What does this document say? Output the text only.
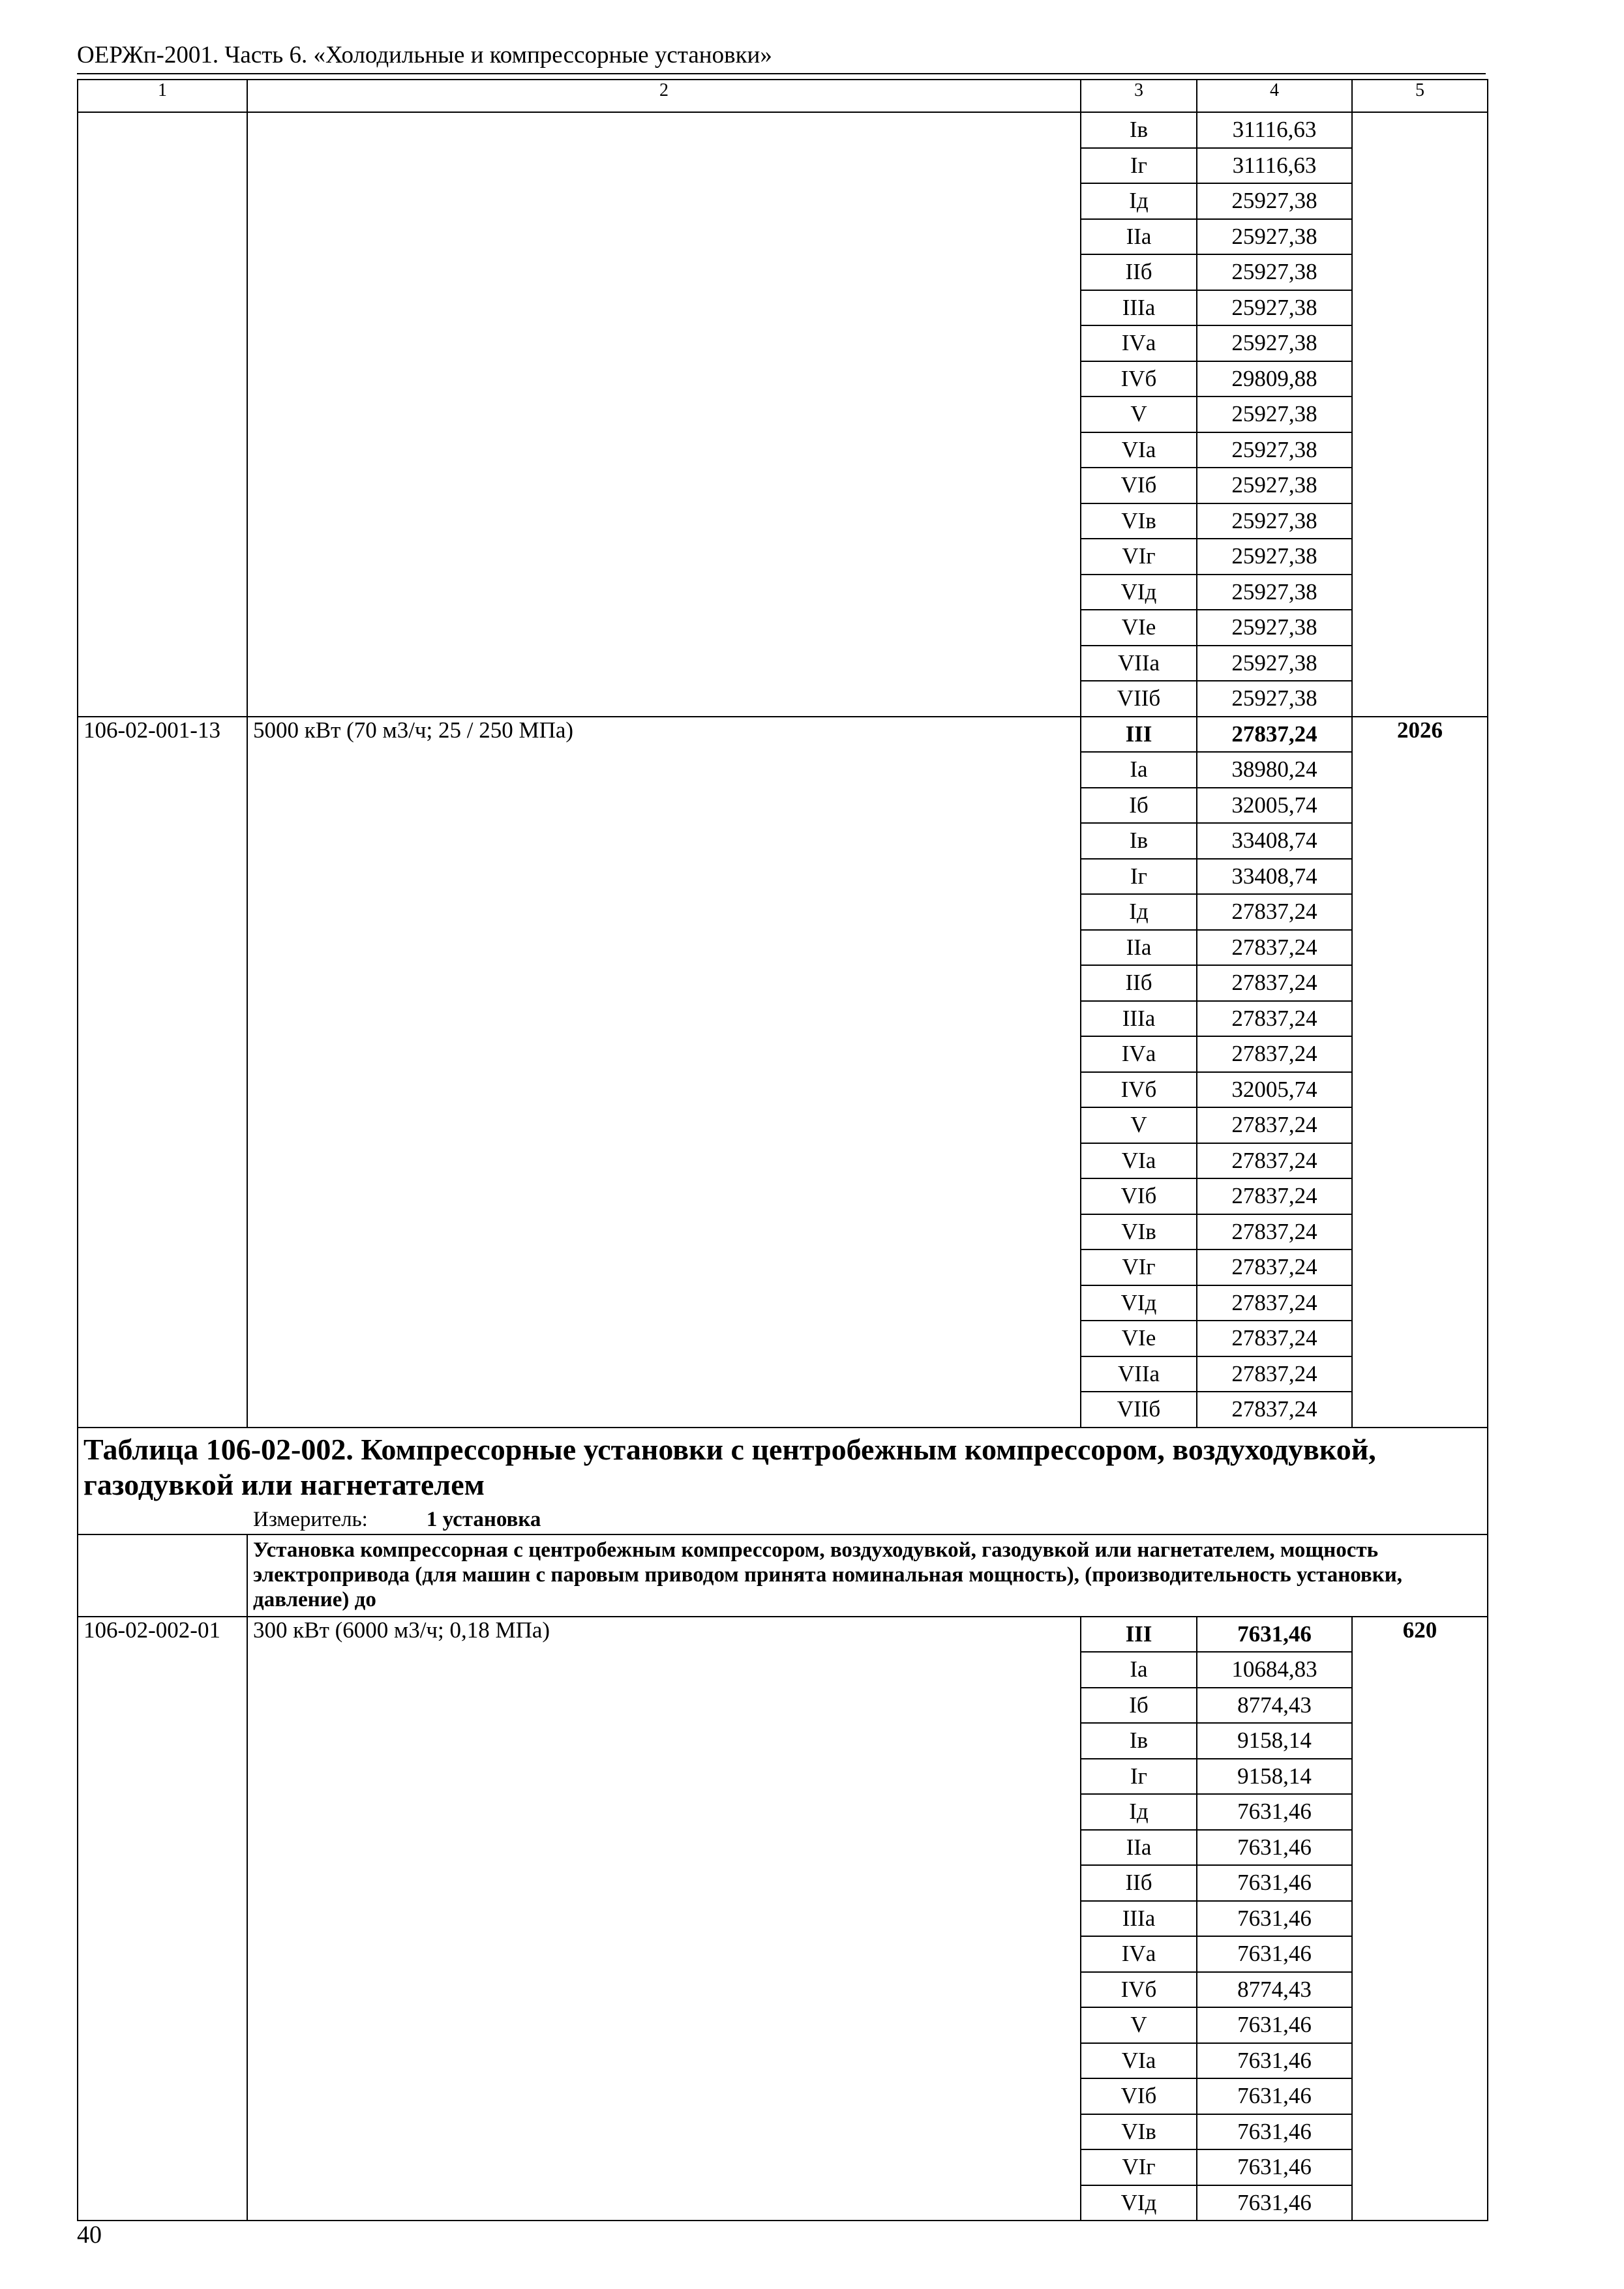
ОЕРЖп-2001. Часть 6. «Холодильные и компрессорные установки»
1	2	3	4	5
		Iв	31116,63	
		Iг	31116,63	
		Iд	25927,38	
		IIа	25927,38	
		IIб	25927,38	
		IIIа	25927,38	
		IVа	25927,38	
		IVб	29809,88	
		V	25927,38	
		VIа	25927,38	
		VIб	25927,38	
		VIв	25927,38	
		VIг	25927,38	
		VIд	25927,38	
		VIе	25927,38	
		VIIа	25927,38	
		VIIб	25927,38	
106-02-001-13	5000 кВт (70 м3/ч; 25 / 250 МПа)	III	27837,24	2026
		Iа	38980,24	
		Iб	32005,74	
		Iв	33408,74	
		Iг	33408,74	
		Iд	27837,24	
		IIа	27837,24	
		IIб	27837,24	
		IIIа	27837,24	
		IVа	27837,24	
		IVб	32005,74	
		V	27837,24	
		VIа	27837,24	
		VIб	27837,24	
		VIв	27837,24	
		VIг	27837,24	
		VIд	27837,24	
		VIе	27837,24	
		VIIа	27837,24	
		VIIб	27837,24	

Таблица 106-02-002. Компрессорные установки с центробежным компрессором, воздуходувкой, газодувкой или нагнетателем
Измеритель: 1 установка				

	Установка компрессорная с центробежным компрессором, воздуходувкой, газодувкой или нагнетателем, мощность электропривода (для машин с паровым приводом принята номинальная мощность), (производительность установки, давление) до			
106-02-002-01	300 кВт (6000 м3/ч; 0,18 МПа)	III	7631,46	620
		Iа	10684,83	
		Iб	8774,43	
		Iв	9158,14	
		Iг	9158,14	
		Iд	7631,46	
		IIа	7631,46	
		IIб	7631,46	
		IIIа	7631,46	
		IVа	7631,46	
		IVб	8774,43	
		V	7631,46	
		VIа	7631,46	
		VIб	7631,46	
		VIв	7631,46	
		VIг	7631,46	
		VIд	7631,46	
40
